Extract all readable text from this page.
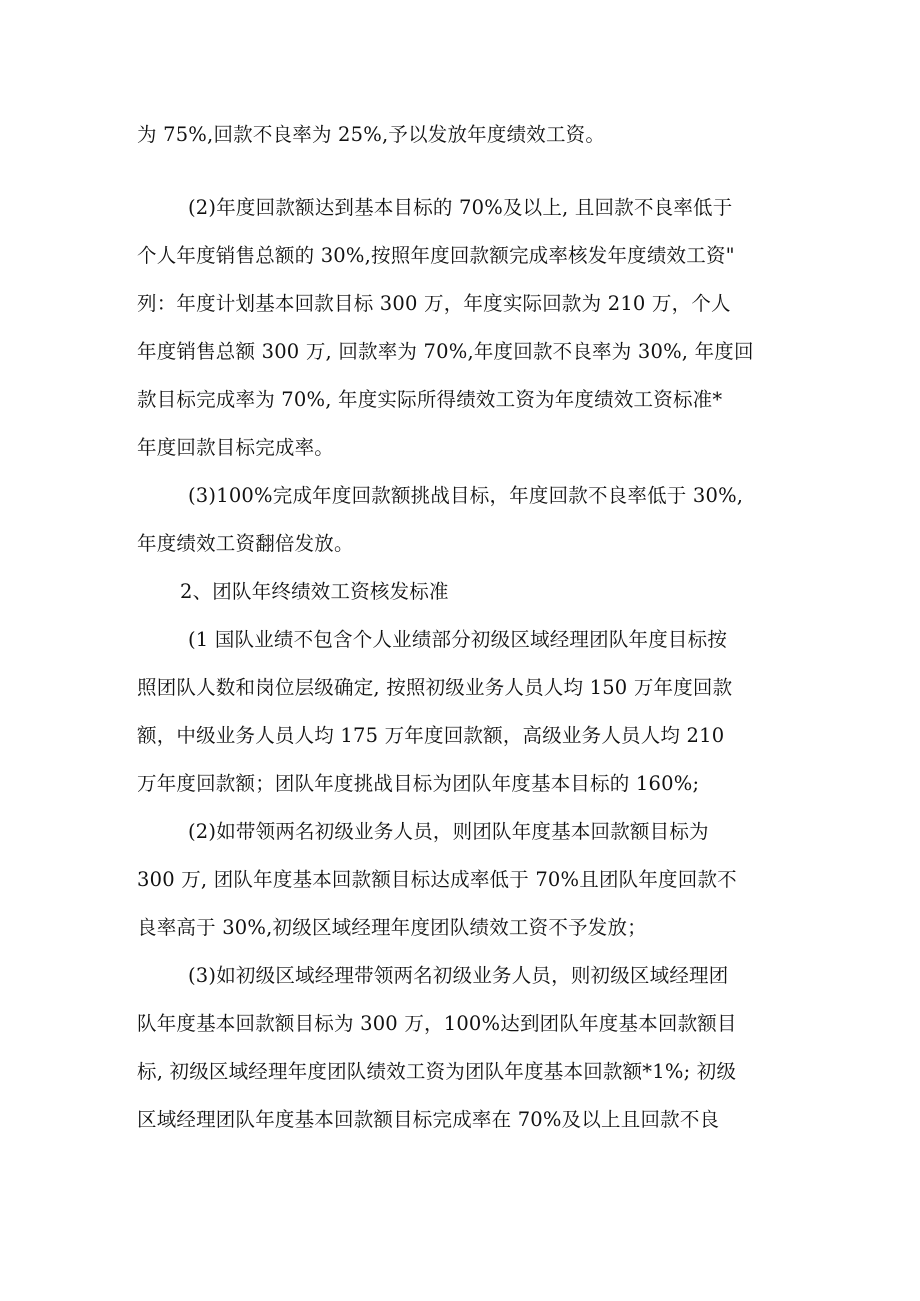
为 75%,回款不良率为 25%,予以发放年度绩效工资。
(2)年度回款额达到基本目标的 70%及以上, 且回款不良率低于
个人年度销售总额的 30%,按照年度回款额完成率核发年度绩效工资"
列：年度计划基本回款目标 300 万，年度实际回款为 210 万，个人
年度销售总额 300 万, 回款率为 70%,年度回款不良率为 30%, 年度回
款目标完成率为 70%, 年度实际所得绩效工资为年度绩效工资标准*
年度回款目标完成率。
(3)100%完成年度回款额挑战目标，年度回款不良率低于 30%,
年度绩效工资翻倍发放。
2、团队年终绩效工资核发标准
(1 国队业绩不包含个人业绩部分初级区域经理团队年度目标按
照团队人数和岗位层级确定, 按照初级业务人员人均 150 万年度回款
额，中级业务人员人均 175 万年度回款额，高级业务人员人均 210
万年度回款额；团队年度挑战目标为团队年度基本目标的 160%;
(2)如带领两名初级业务人员，则团队年度基本回款额目标为
300 万, 团队年度基本回款额目标达成率低于 70%且团队年度回款不
良率高于 30%,初级区域经理年度团队绩效工资不予发放；
(3)如初级区域经理带领两名初级业务人员，则初级区域经理团
队年度基本回款额目标为 300 万，100%达到团队年度基本回款额目
标, 初级区域经理年度团队绩效工资为团队年度基本回款额*1%; 初级
区域经理团队年度基本回款额目标完成率在 70%及以上且回款不良
